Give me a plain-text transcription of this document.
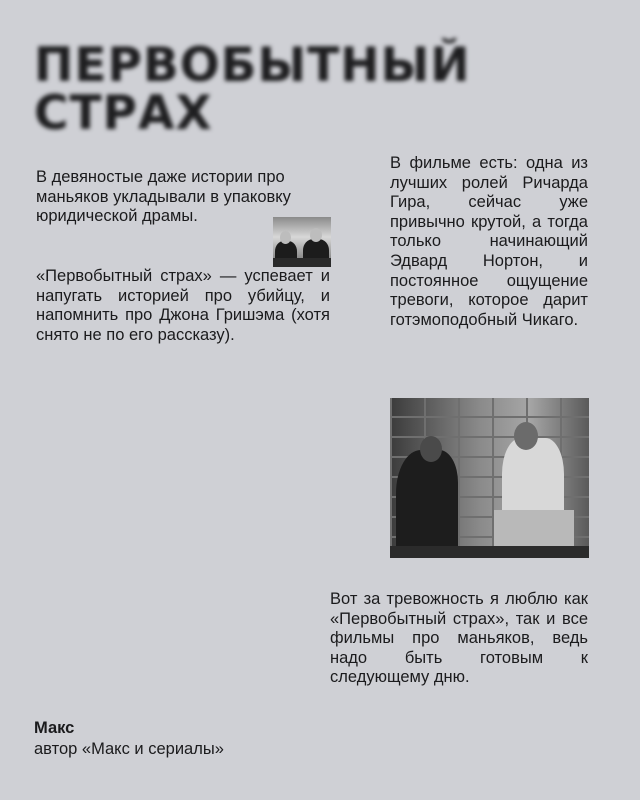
ПЕРВОБЫТНЫЙ
СТРАХ

В девяностые даже истории про маньяков укладывали в упаковку юридической драмы.

«Первобытный страх» — успевает и напугать историей про убийцу, и напомнить про Джона Гришэма (хотя снято не по его рассказу).

В фильме есть: одна из лучших ролей Ричарда Гира, сейчас уже привычно крутой, а тогда только начинающий Эдвард Нортон, и постоянное ощущение тревоги, которое дарит готэмоподобный Чикаго.

Вот за тревожность я люблю как «Первобытный страх», так и все фильмы про маньяков, ведь надо быть готовым к следующему дню.

Макс

автор «Макс и сериалы»
